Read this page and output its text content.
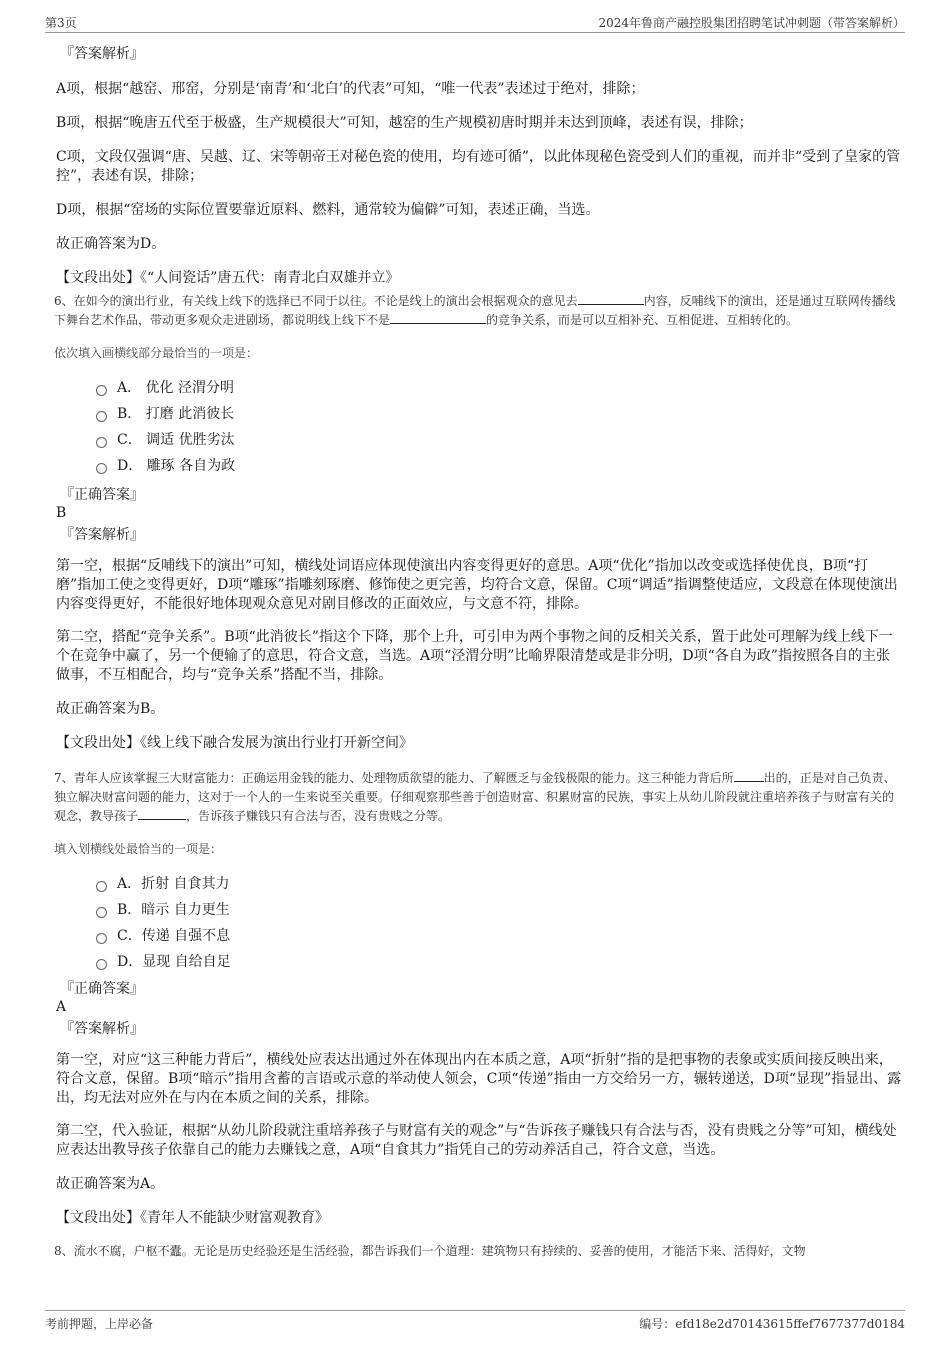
第3页	2024年鲁商产融控股集团招聘笔试冲刺题（带答案解析）

『答案解析』

A项，根据“越窑、邢窑，分别是‘南青’和‘北白’的代表”可知，“唯一代表”表述过于绝对，排除；

B项，根据“晚唐五代至于极盛，生产规模很大”可知，越窑的生产规模初唐时期并未达到顶峰，表述有误，排除；

C项，文段仅强调“唐、吴越、辽、宋等朝帝王对秘色瓷的使用，均有迹可循”，以此体现秘色瓷受到人们的重视，而并非“受到了皇家的管控”，表述有误，排除；

D项，根据“窑场的实际位置要靠近原料、燃料，通常较为偏僻”可知，表述正确，当选。

故正确答案为D。

【文段出处】《“人间瓷话”唐五代：南青北白双雄并立》

6、在如今的演出行业，有关线上线下的选择已不同于以往。不论是线上的演出会根据观众的意见去	内容，反哺线下的演出，还是通过互联网传播线下舞台艺术作品，带动更多观众走进剧场，都说明线上线下不是	的竞争关系，而是可以互相补充、互相促进、互相转化的。

依次填入画横线部分最恰当的一项是：

A． 优化 泾渭分明
B． 打磨 此消彼长
C． 调适 优胜劣汰
D． 雕琢 各自为政

『正确答案』

B

『答案解析』

第一空，根据“反哺线下的演出”可知，横线处词语应体现使演出内容变得更好的意思。A项“优化”指加以改变或选择使优良，B项“打磨”指加工使之变得更好，D项“雕琢”指雕刻琢磨、修饰使之更完善，均符合文意，保留。C项“调适”指调整使适应，文段意在体现使演出内容变得更好，不能很好地体现观众意见对剧目修改的正面效应，与文意不符，排除。

第二空，搭配“竞争关系”。B项“此消彼长”指这个下降，那个上升，可引申为两个事物之间的反相关关系，置于此处可理解为线上线下一个在竞争中赢了，另一个便输了的意思，符合文意，当选。A项“泾渭分明”比喻界限清楚或是非分明，D项“各自为政”指按照各自的主张做事，不互相配合，均与“竞争关系”搭配不当，排除。

故正确答案为B。

【文段出处】《线上线下融合发展为演出行业打开新空间》

7、青年人应该掌握三大财富能力：正确运用金钱的能力、处理物质欲望的能力、了解匮乏与金钱极限的能力。这三种能力背后所	出的，正是对自己负责、独立解决财富问题的能力，这对于一个人的一生来说至关重要。仔细观察那些善于创造财富、积累财富的民族，事实上从幼儿阶段就注重培养孩子与财富有关的观念，教导孩子	，告诉孩子赚钱只有合法与否，没有贵贱之分等。

填入划横线处最恰当的一项是：

A．折射 自食其力
B．暗示 自力更生
C．传递 自强不息
D．显现 自给自足

『正确答案』

A

『答案解析』

第一空，对应“这三种能力背后”，横线处应表达出通过外在体现出内在本质之意，A项“折射”指的是把事物的表象或实质间接反映出来，符合文意，保留。B项“暗示”指用含蓄的言语或示意的举动使人领会，C项“传递”指由一方交给另一方，辗转递送，D项“显现”指显出、露出，均无法对应外在与内在本质之间的关系，排除。

第二空，代入验证，根据“从幼儿阶段就注重培养孩子与财富有关的观念”与“告诉孩子赚钱只有合法与否，没有贵贱之分等”可知，横线处应表达出教导孩子依靠自己的能力去赚钱之意，A项“自食其力”指凭自己的劳动养活自己，符合文意，当选。

故正确答案为A。

【文段出处】《青年人不能缺少财富观教育》

8、流水不腐，户枢不蠹。无论是历史经验还是生活经验，都告诉我们一个道理：建筑物只有持续的、妥善的使用，才能活下来、活得好，文物

考前押题，上岸必备	编号：efd18e2d70143615ffef7677377d0184
